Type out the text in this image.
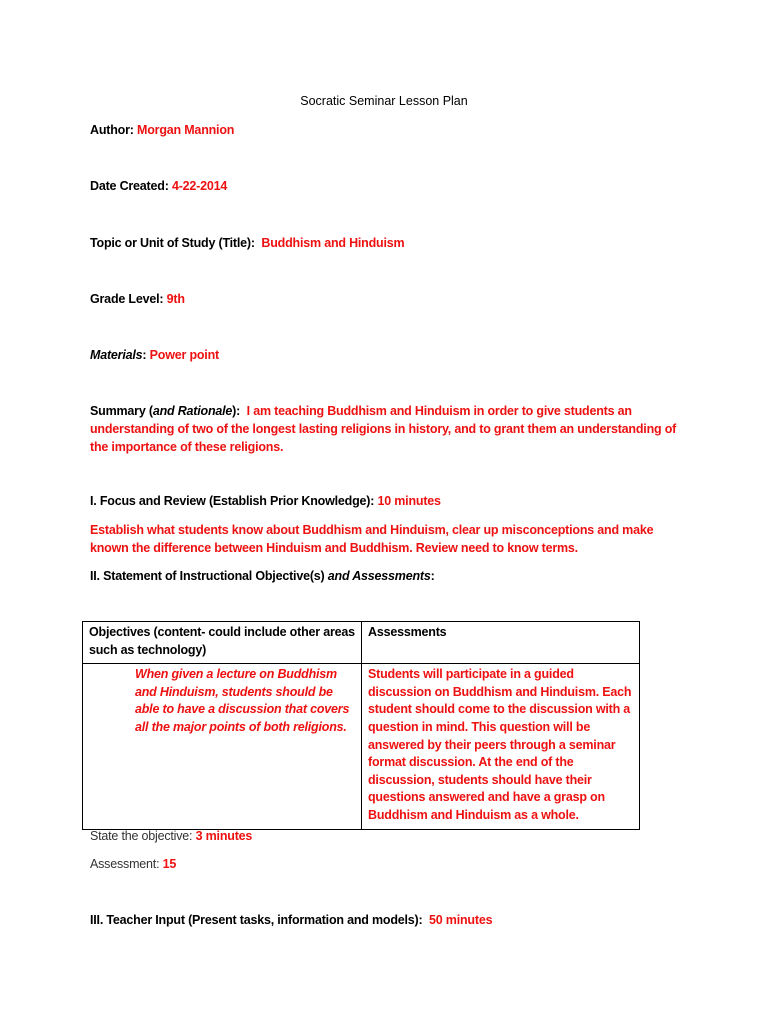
Socratic Seminar Lesson Plan
Author: Morgan Mannion
Date Created: 4-22-2014
Topic or Unit of Study (Title): Buddhism and Hinduism
Grade Level: 9th
Materials: Power point
Summary (and Rationale): I am teaching Buddhism and Hinduism in order to give students an understanding of two of the longest lasting religions in history, and to grant them an understanding of the importance of these religions.
I. Focus and Review (Establish Prior Knowledge): 10 minutes
Establish what students know about Buddhism and Hinduism, clear up misconceptions and make known the difference between Hinduism and Buddhism. Review need to know terms.
II. Statement of Instructional Objective(s) and Assessments:
Objectives (content- could include other areas such as technology)	Assessments

When given a lecture on Buddhism and Hinduism, students should be able to have a discussion that covers all the major points of both religions.	Students will participate in a guided discussion on Buddhism and Hinduism. Each student should come to the discussion with a question in mind. This question will be answered by their peers through a seminar format discussion. At the end of the discussion, students should have their questions answered and have a grasp on Buddhism and Hinduism as a whole.
State the objective: 3 minutes
Assessment: 15
III. Teacher Input (Present tasks, information and models): 50 minutes
